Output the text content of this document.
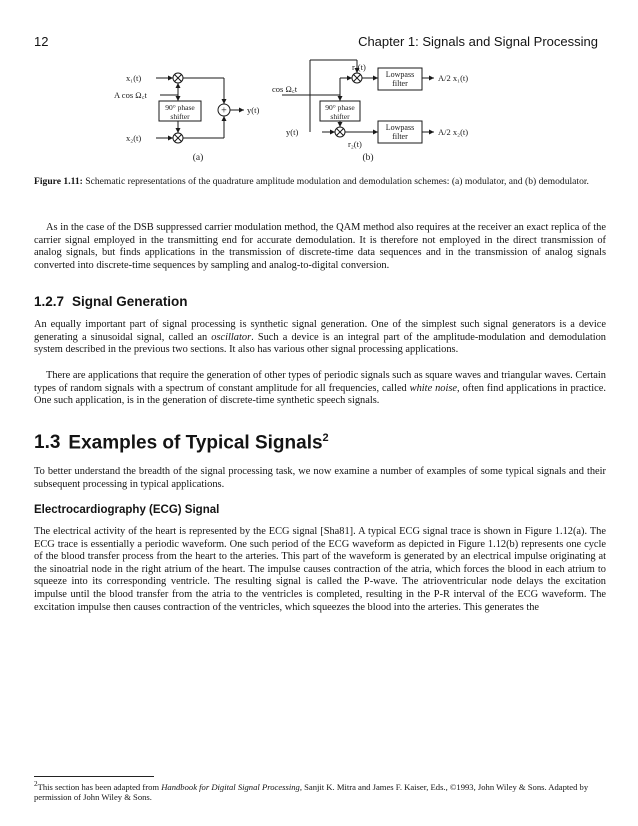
12	Chapter 1: Signals and Signal Processing
x₁(t)
x₂(t)
A cos Ω꜀t
90° phase
shifter	+ y(t)
(a)
cos Ω꜀t
90° phase
shifter
y(t)
r₁(t)
r₂(t)
Lowpass
filter
Lowpass
filter
A/2 x₁(t)
A/2 x₂(t)
(b)
Figure 1.11: Schematic representations of the quadrature amplitude modulation and demodulation schemes: (a) modulator, and (b) demodulator.

As in the case of the DSB suppressed carrier modulation method, the QAM method also requires at the receiver an exact replica of the carrier signal employed in the transmitting end for accurate demodulation. It is therefore not employed in the direct transmission of analog signals, but finds applications in the transmission of discrete-time data sequences and in the transmission of analog signals converted into discrete-time sequences by sampling and analog-to-digital conversion.

1.2.7 Signal Generation

An equally important part of signal processing is synthetic signal generation. One of the simplest such signal generators is a device generating a sinusoidal signal, called an oscillator. Such a device is an integral part of the amplitude-modulation and demodulation system described in the previous two sections. It also has various other signal processing applications.

There are applications that require the generation of other types of periodic signals such as square waves and triangular waves. Certain types of random signals with a spectrum of constant amplitude for all frequencies, called white noise, often find applications in practice. One such application, is in the generation of discrete-time synthetic speech signals.

1.3 Examples of Typical Signals$^2$

To better understand the breadth of the signal processing task, we now examine a number of examples of some typical signals and their subsequent processing in typical applications.

Electrocardiography (ECG) Signal

The electrical activity of the heart is represented by the ECG signal [Sha81]. A typical ECG signal trace is shown in Figure 1.12(a). The ECG trace is essentially a periodic waveform. One such period of the ECG waveform as depicted in Figure 1.12(b) represents one cycle of the blood transfer process from the heart to the arteries. This part of the waveform is generated by an electrical impulse originating at the sinoatrial node in the right atrium of the heart. The impulse causes contraction of the atria, which forces the blood in each atrium to squeeze into its corresponding ventricle. The resulting signal is called the P-wave. The atrioventricular node delays the excitation impulse until the blood transfer from the atria to the ventricles is completed, resulting in the P-R interval of the ECG waveform. The excitation impulse then causes contraction of the ventricles, which squeezes the blood into the arteries. This generates the

$^2$This section has been adapted from Handbook for Digital Signal Processing, Sanjit K. Mitra and James F. Kaiser, Eds., ©1993, John Wiley & Sons. Adapted by permission of John Wiley & Sons.
